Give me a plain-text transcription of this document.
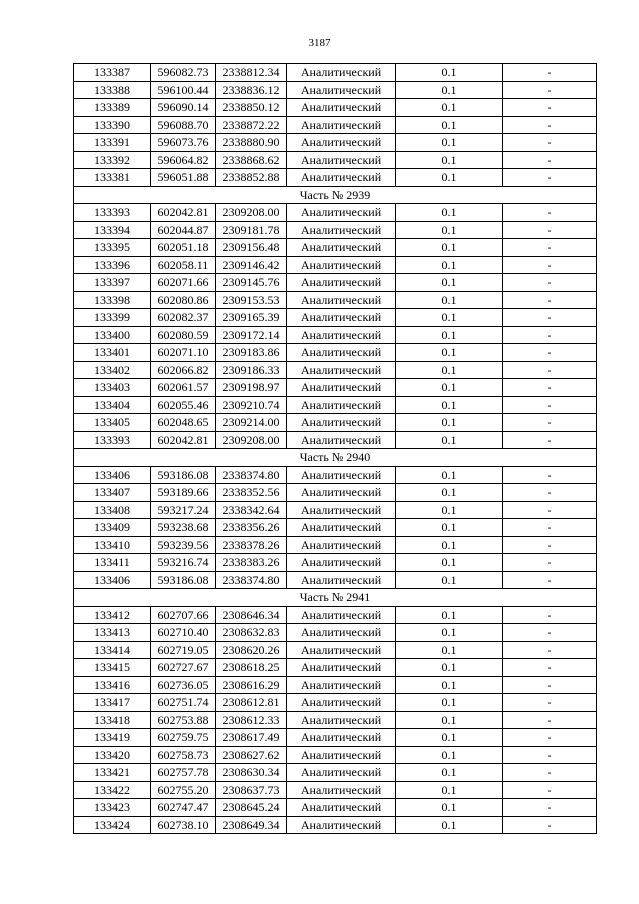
3187
133387	596082.73	2338812.34	Аналитический	0.1	-
133388	596100.44	2338836.12	Аналитический	0.1	-
133389	596090.14	2338850.12	Аналитический	0.1	-
133390	596088.70	2338872.22	Аналитический	0.1	-
133391	596073.76	2338880.90	Аналитический	0.1	-
133392	596064.82	2338868.62	Аналитический	0.1	-
133381	596051.88	2338852.88	Аналитический	0.1	-
Часть № 2939					
133393	602042.81	2309208.00	Аналитический	0.1	-
133394	602044.87	2309181.78	Аналитический	0.1	-
133395	602051.18	2309156.48	Аналитический	0.1	-
133396	602058.11	2309146.42	Аналитический	0.1	-
133397	602071.66	2309145.76	Аналитический	0.1	-
133398	602080.86	2309153.53	Аналитический	0.1	-
133399	602082.37	2309165.39	Аналитический	0.1	-
133400	602080.59	2309172.14	Аналитический	0.1	-
133401	602071.10	2309183.86	Аналитический	0.1	-
133402	602066.82	2309186.33	Аналитический	0.1	-
133403	602061.57	2309198.97	Аналитический	0.1	-
133404	602055.46	2309210.74	Аналитический	0.1	-
133405	602048.65	2309214.00	Аналитический	0.1	-
133393	602042.81	2309208.00	Аналитический	0.1	-
Часть № 2940					
133406	593186.08	2338374.80	Аналитический	0.1	-
133407	593189.66	2338352.56	Аналитический	0.1	-
133408	593217.24	2338342.64	Аналитический	0.1	-
133409	593238.68	2338356.26	Аналитический	0.1	-
133410	593239.56	2338378.26	Аналитический	0.1	-
133411	593216.74	2338383.26	Аналитический	0.1	-
133406	593186.08	2338374.80	Аналитический	0.1	-
Часть № 2941					
133412	602707.66	2308646.34	Аналитический	0.1	-
133413	602710.40	2308632.83	Аналитический	0.1	-
133414	602719.05	2308620.26	Аналитический	0.1	-
133415	602727.67	2308618.25	Аналитический	0.1	-
133416	602736.05	2308616.29	Аналитический	0.1	-
133417	602751.74	2308612.81	Аналитический	0.1	-
133418	602753.88	2308612.33	Аналитический	0.1	-
133419	602759.75	2308617.49	Аналитический	0.1	-
133420	602758.73	2308627.62	Аналитический	0.1	-
133421	602757.78	2308630.34	Аналитический	0.1	-
133422	602755.20	2308637.73	Аналитический	0.1	-
133423	602747.47	2308645.24	Аналитический	0.1	-
133424	602738.10	2308649.34	Аналитический	0.1	-
